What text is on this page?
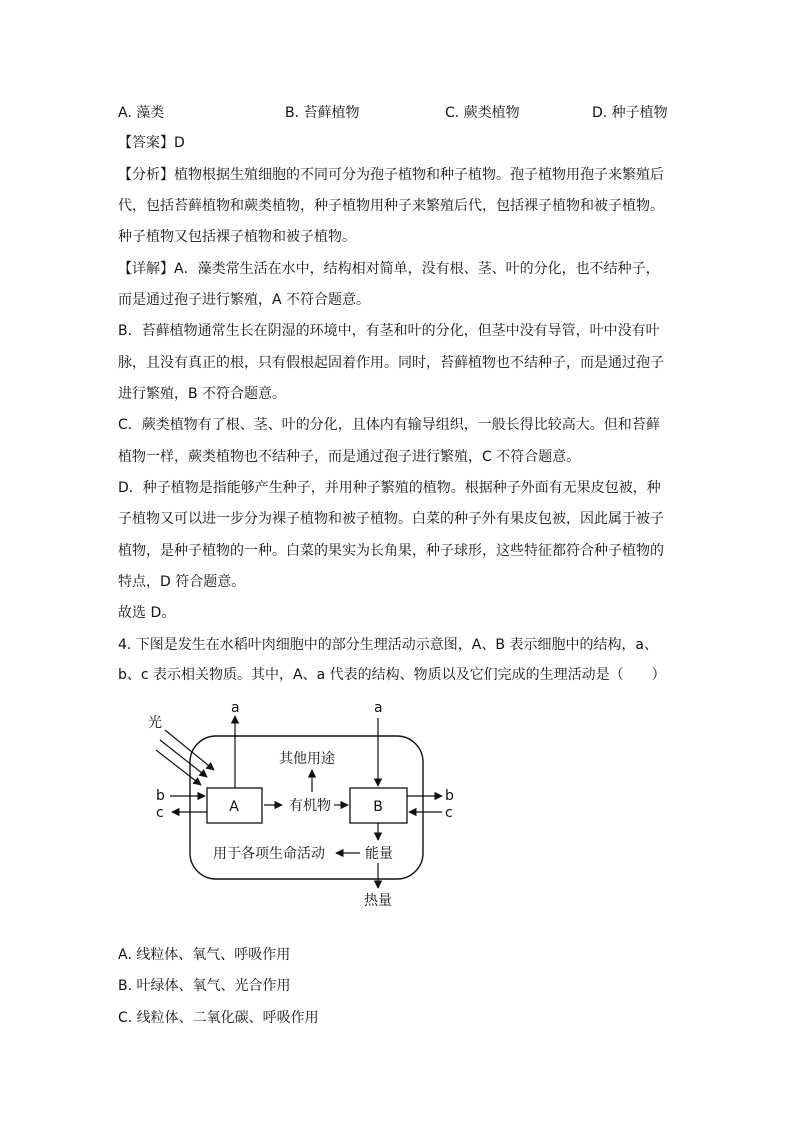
A. 藻类	B. 苔藓植物	C. 蕨类植物	D. 种子植物
【答案】D
【分析】植物根据生殖细胞的不同可分为孢子植物和种子植物。孢子植物用孢子来繁殖后
代，包括苔藓植物和蕨类植物，种子植物用种子来繁殖后代，包括裸子植物和被子植物。
种子植物又包括裸子植物和被子植物。
【详解】A．藻类常生活在水中，结构相对简单，没有根、茎、叶的分化，也不结种子，
而是通过孢子进行繁殖，A 不符合题意。
B．苔藓植物通常生长在阴湿的环境中，有茎和叶的分化，但茎中没有导管，叶中没有叶
脉，且没有真正的根，只有假根起固着作用。同时，苔藓植物也不结种子，而是通过孢子
进行繁殖，B 不符合题意。
C．蕨类植物有了根、茎、叶的分化，且体内有输导组织，一般长得比较高大。但和苔藓
植物一样，蕨类植物也不结种子，而是通过孢子进行繁殖，C 不符合题意。
D．种子植物是指能够产生种子，并用种子繁殖的植物。根据种子外面有无果皮包被，种
子植物又可以进一步分为裸子植物和被子植物。白菜的种子外有果皮包被，因此属于被子
植物，是种子植物的一种。白菜的果实为长角果，种子球形，这些特征都符合种子植物的
特点，D 符合题意。
故选 D。
4. 下图是发生在水稻叶肉细胞中的部分生理活动示意图，A、B 表示细胞中的结构，a、
b、c 表示相关物质。其中，A、a 代表的结构、物质以及它们完成的生理活动是（　　）
A	B
光
a	a
b
c
b
c
有机物
其他用途
能量
用于各项生命活动
热量
A. 线粒体、氧气、呼吸作用
B. 叶绿体、氧气、光合作用
C. 线粒体、二氧化碳、呼吸作用
